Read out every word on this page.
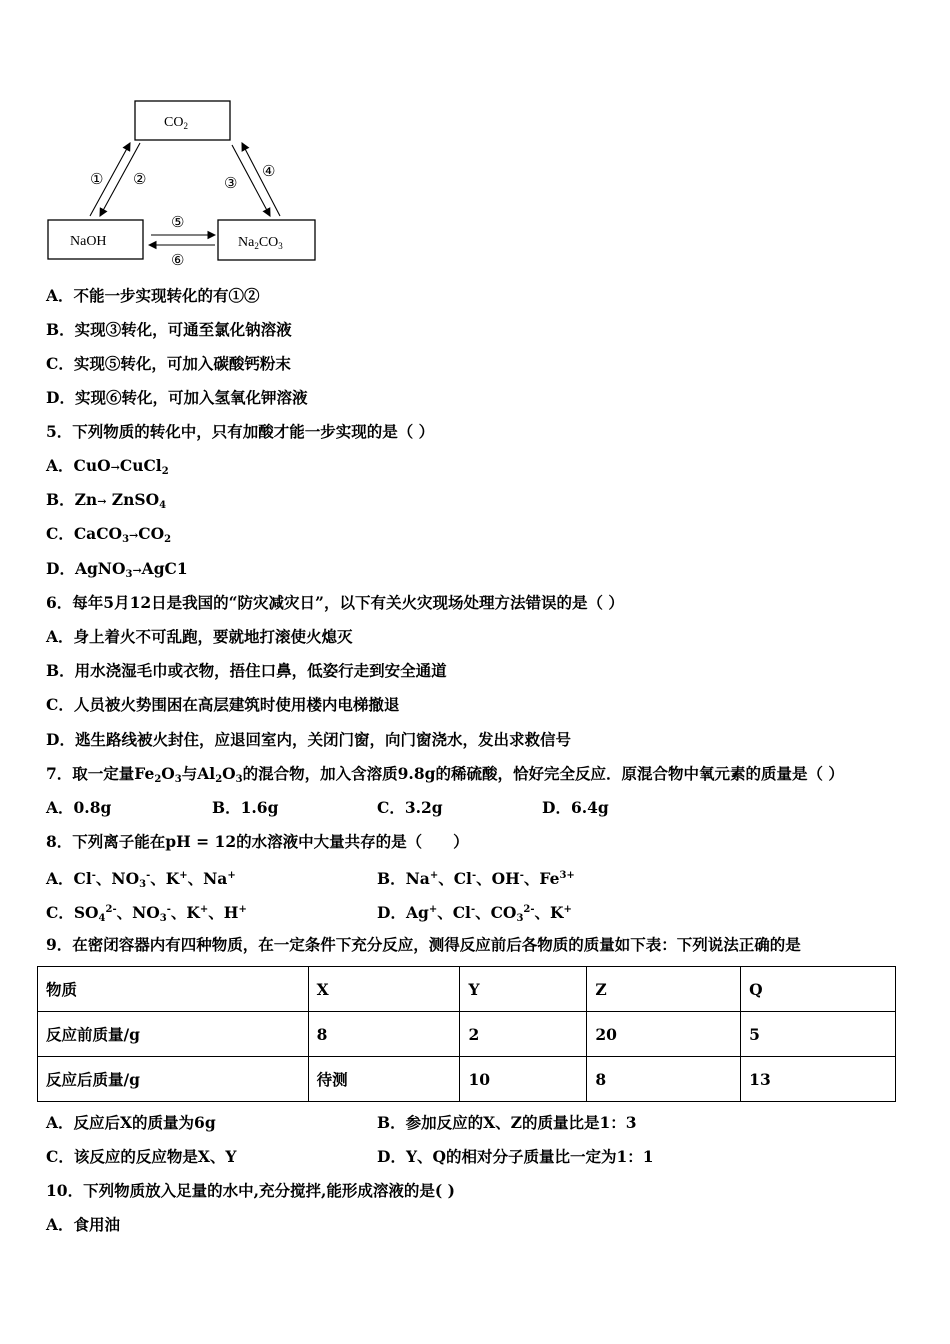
$CO_2$
NaOH	$Na_2CO_3$
① ②	③
④
⑤
⑥
A．不能一步实现转化的有①②
B．实现③转化，可通至氯化钠溶液
C．实现⑤转化，可加入碳酸钙粉末
D．实现⑥转化，可加入氢氧化钾溶液
5．下列物质的转化中，只有加酸才能一步实现的是（ ）
A．CuO→CuCl$_2$
B．Zn→ ZnSO$_4$
C．$CaCO_3\to CO_2$
D．AgNO$_3$→AgC1
6．每年5月12日是我国的“防灾减灾日”，以下有关火灾现场处理方法错误的是（ ）
A．身上着火不可乱跑，要就地打滚使火熄灭
B．用水浇湿毛巾或衣物，捂住口鼻，低姿行走到安全通道
C．人员被火势围困在高层建筑时使用楼内电梯撤退
D．逃生路线被火封住，应退回室内，关闭门窗，向门窗浇水，发出求救信号
7．取一定量$Fe_2O_3$与$Al_2O_3$的混合物，加入含溶质9.8g的稀硫酸，恰好完全反应．原混合物中氧元素的质量是（ ）
A．0.8g	B．1.6g	C．3.2g	D．6.4g
8．下列离子能在pH = 12的水溶液中大量共存的是（　　）
A．Cl-、$NO_3^-$、K+、Na+	B．Na+、Cl-、OH-、$Fe^{3+}$
C．$SO_4^{2-}$、$NO_3^-$、K+、H+	D．Ag+、Cl-、$CO_3^{2-}$、K+
9．在密闭容器内有四种物质，在一定条件下充分反应，测得反应前后各物质的质量如下表：下列说法正确的是
物质	X	Y	Z	Q
反应前质量/g	8	2	20	5
反应后质量/g	待测	10	8	13
A．反应后X的质量为6g	B．参加反应的X、Z的质量比是1：3
C．该反应的反应物是X、Y	D．Y、Q的相对分子质量比一定为1：1
10．下列物质放入足量的水中,充分搅拌,能形成溶液的是( )
A．食用油
